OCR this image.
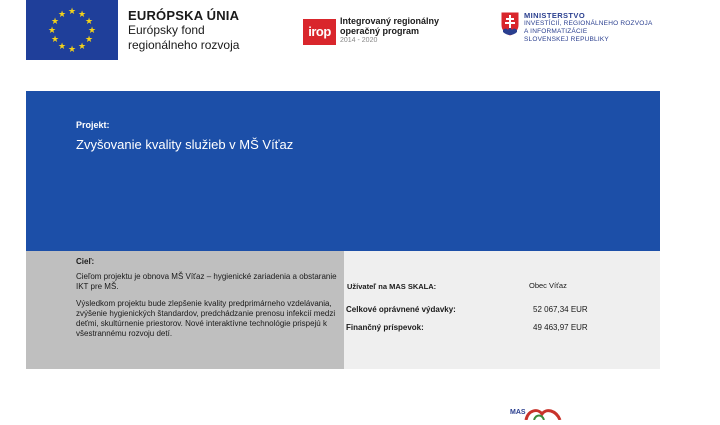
★ ★
★
★
★
★
★
★
★
★
★
★	EURÓPSKA ÚNIA
Európsky fond
regionálneho rozvoja
irop
Integrovaný regionálny
operačný program
2014 - 2020
MINISTERSTVO
INVESTÍCIÍ, REGIONÁLNEHO ROZVOJA
A INFORMATIZÁCIE
SLOVENSKEJ REPUBLIKY
Projekt:
Zvyšovanie kvality služieb v MŠ Víťaz
Cieľ:
Cieľom projektu je obnova MŠ Víťaz – hygienické zariadenia a obstaranie IKT pre MŠ.
Výsledkom projektu bude zlepšenie kvality predprimárneho vzdelávania, zvýšenie hygienických štandardov, predchádzanie prenosu infekcií medzi deťmi, skultúrnenie priestorov. Nové interaktívne technológie prispejú k všestrannému rozvoju detí.
Užívateľ na MAS SKALA:	Obec Víťaz
Celkové oprávnené výdavky:	52 067,34 EUR
Finančný príspevok:	49 463,97 EUR
MAS
